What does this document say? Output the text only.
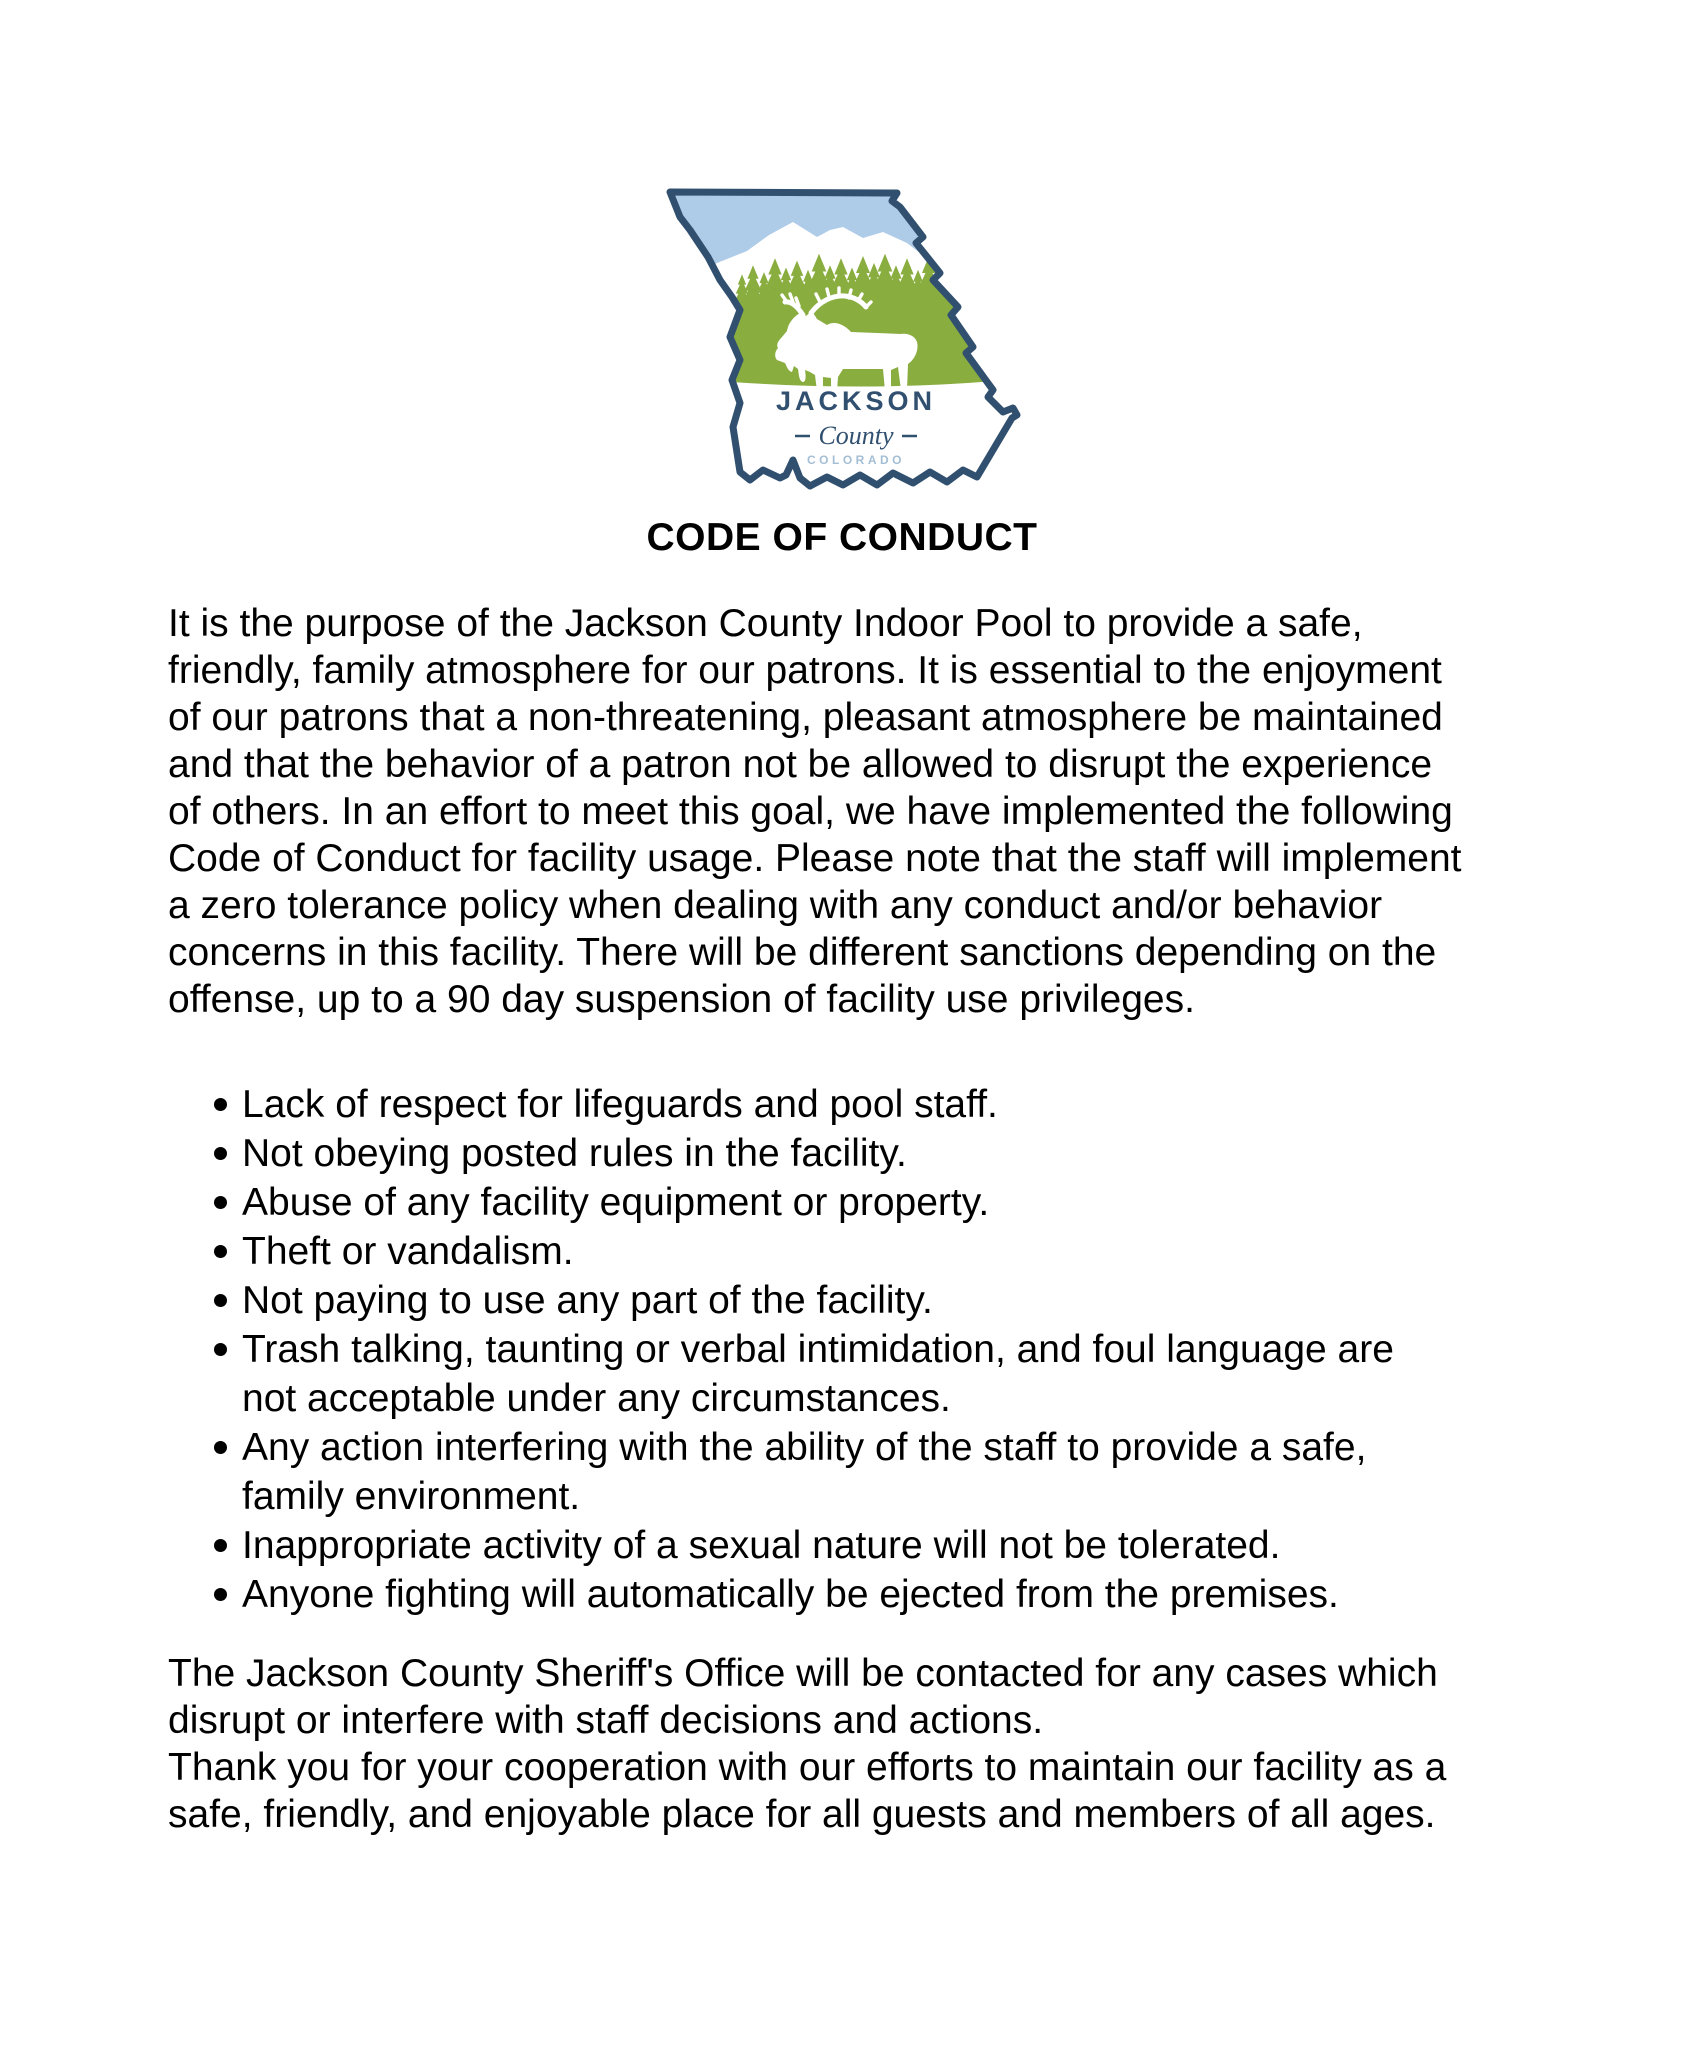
JACKSON
County
COLORADO
CODE OF CONDUCT
It is the purpose of the Jackson County Indoor Pool to provide a safe,
friendly, family atmosphere for our patrons. It is essential to the enjoyment
of our patrons that a non-threatening, pleasant atmosphere be maintained
and that the behavior of a patron not be allowed to disrupt the experience
of others. In an effort to meet this goal, we have implemented the following
Code of Conduct for facility usage. Please note that the staff will implement
a zero tolerance policy when dealing with any conduct and/or behavior
concerns in this facility. There will be different sanctions depending on the
offense, up to a 90 day suspension of facility use privileges.
Lack of respect for lifeguards and pool staff.
Not obeying posted rules in the facility.
Abuse of any facility equipment or property.
Theft or vandalism.
Not paying to use any part of the facility.
Trash talking, taunting or verbal intimidation, and foul language are
not acceptable under any circumstances.
Any action interfering with the ability of the staff to provide a safe,
family environment.
Inappropriate activity of a sexual nature will not be tolerated.
Anyone fighting will automatically be ejected from the premises.
The Jackson County Sheriff's Office will be contacted for any cases which
disrupt or interfere with staff decisions and actions.
Thank you for your cooperation with our efforts to maintain our facility as a
safe, friendly, and enjoyable place for all guests and members of all ages.
